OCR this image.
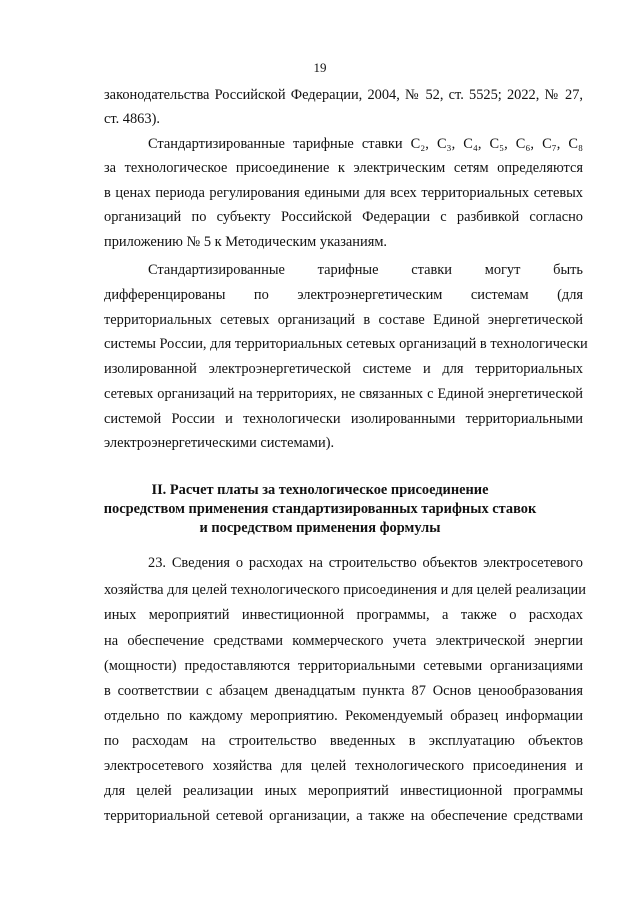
19
законодательства Российской Федерации, 2004, № 52, ст. 5525; 2022, № 27,
ст. 4863).
Стандартизированные тарифные ставки C₂, C₃, C₄, C₅, C₆, C₇, C₈
за технологическое присоединение к электрическим сетям определяются
в ценах периода регулирования едиными для всех территориальных сетевых
организаций по субъекту Российской Федерации с разбивкой согласно
приложению № 5 к Методическим указаниям.
Стандартизированные тарифные ставки могут быть
дифференцированы по электроэнергетическим системам (для
территориальных сетевых организаций в составе Единой энергетической
системы России, для территориальных сетевых организаций в технологически
изолированной электроэнергетической системе и для территориальных
сетевых организаций на территориях, не связанных с Единой энергетической
системой России и технологически изолированными территориальными
электроэнергетическими системами).
II. Расчет платы за технологическое присоединение
посредством применения стандартизированных тарифных ставок
и посредством применения формулы
23. Сведения о расходах на строительство объектов электросетевого
хозяйства для целей технологического присоединения и для целей реализации
иных мероприятий инвестиционной программы, а также о расходах
на обеспечение средствами коммерческого учета электрической энергии
(мощности) предоставляются территориальными сетевыми организациями
в соответствии с абзацем двенадцатым пункта 87 Основ ценообразования
отдельно по каждому мероприятию. Рекомендуемый образец информации
по расходам на строительство введенных в эксплуатацию объектов
электросетевого хозяйства для целей технологического присоединения и
для целей реализации иных мероприятий инвестиционной программы
территориальной сетевой организации, а также на обеспечение средствами
